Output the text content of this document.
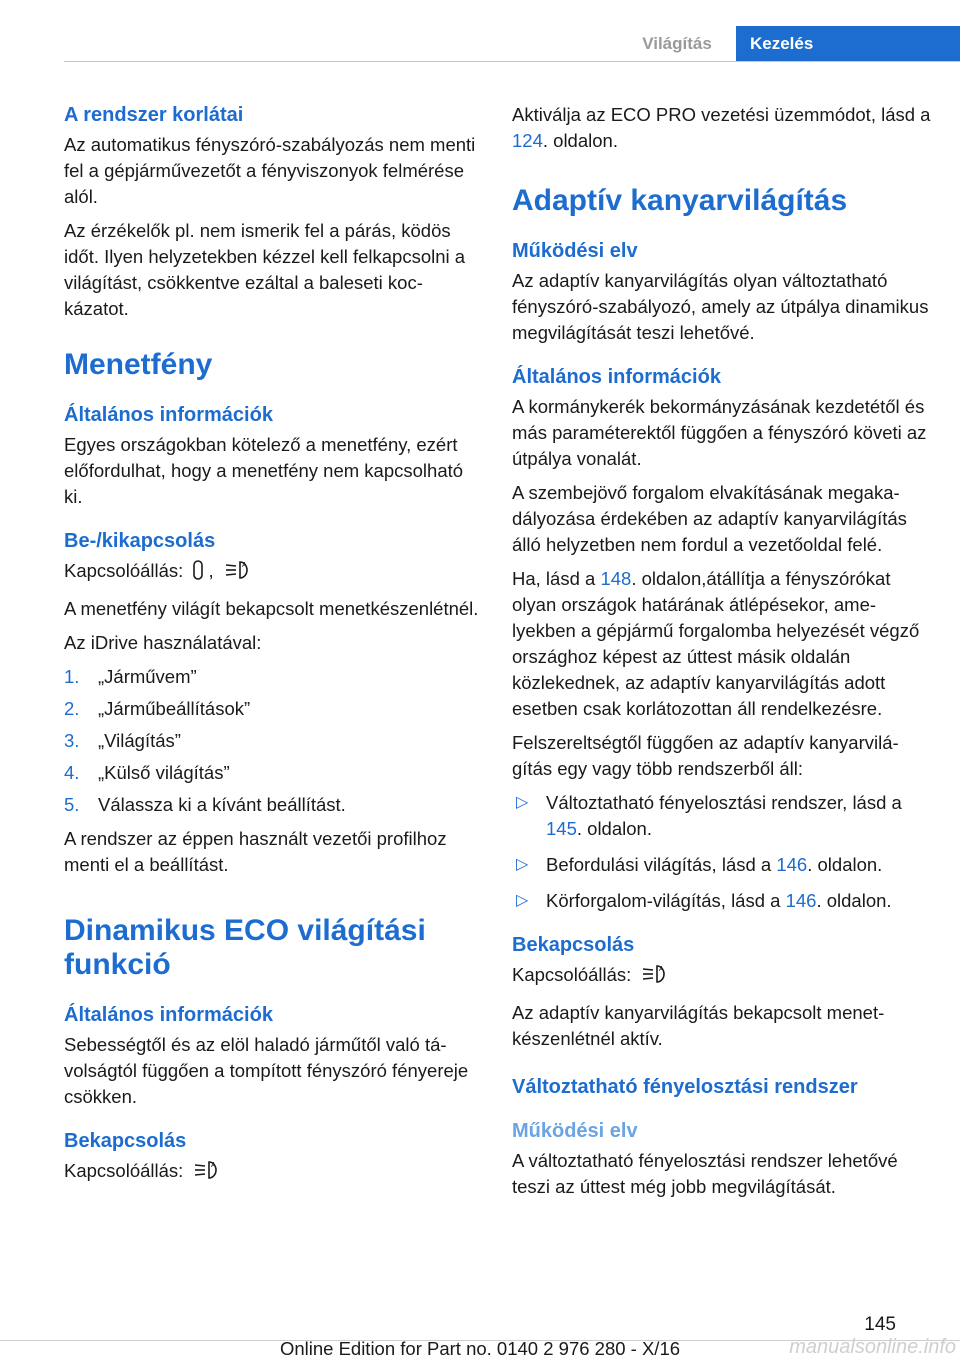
Világítás	Kezelés
A rendszer korlátai

Az automatikus fényszóró-szabályozás nem menti fel a gépjárművezetőt a fényviszonyok felmérése alól.

Az érzékelők pl. nem ismerik fel a párás, ködös időt. Ilyen helyzetekben kézzel kell felkapcsolni a világítást, csökkentve ezáltal a baleseti kockázatot.

Menetfény
Általános információk

Egyes országokban kötelező a menetfény, ezért előfordulhat, hogy a menetfény nem kapcsolható ki.

Be-/kikapcsolás

Kapcsolóállás: ,	A

A menetfény világít bekapcsolt menetkészenlétnél.

Az iDrive használatával:

1. „Járművem”
2. „Járműbeállítások”
3. „Világítás”
4. „Külső világítás”
5. Válassza ki a kívánt beállítást.

A rendszer az éppen használt vezetői profilhoz menti el a beállítást.

Dinamikus ECO világítási funkció
Általános információk

Sebességtől és az elöl haladó járműtől való távolságtól függően a tompított fényszóró fényereje csökken.

Bekapcsolás

Kapcsolóállás:	A

Aktiválja az ECO PRO vezetési üzemmódot, lásd a 124. oldalon.

Adaptív kanyarvilágítás
Működési elv

Az adaptív kanyarvilágítás olyan változtatható fényszóró-szabályozó, amely az útpálya dinamikus megvilágítását teszi lehetővé.

Általános információk

A kormánykerék bekormányzásának kezdetétől és más paraméterektől függően a fényszóró követi az útpálya vonalát.

A szembejövő forgalom elvakításának megakadályozása érdekében az adaptív kanyarvilágítás álló helyzetben nem fordul a vezetőoldal felé.

Ha, lásd a 148. oldalon,átállítja a fényszórókat olyan országok határának átlépésekor, amelyekben a gépjármű forgalomba helyezését végző országhoz képest az úttest másik oldalán közlekednek, az adaptív kanyarvilágítás adott esetben csak korlátozottan áll rendelkezésre.

Felszereltségtől függően az adaptív kanyarvilágítás egy vagy több rendszerből áll:

▷ Változtatható fényelosztási rendszer, lásd a 145. oldalon.
▷ Befordulási világítás, lásd a 146. oldalon.
▷ Körforgalom-világítás, lásd a 146. oldalon.
Bekapcsolás

Kapcsolóállás:	A

Az adaptív kanyarvilágítás bekapcsolt menetkészenlétnél aktív.

Változtatható fényelosztási rendszer
Működési elv

A változtatható fényelosztási rendszer lehetővé teszi az úttest még jobb megvilágítását.

145
Online Edition for Part no. 0140 2 976 280 - X/16	manualsonline.info
